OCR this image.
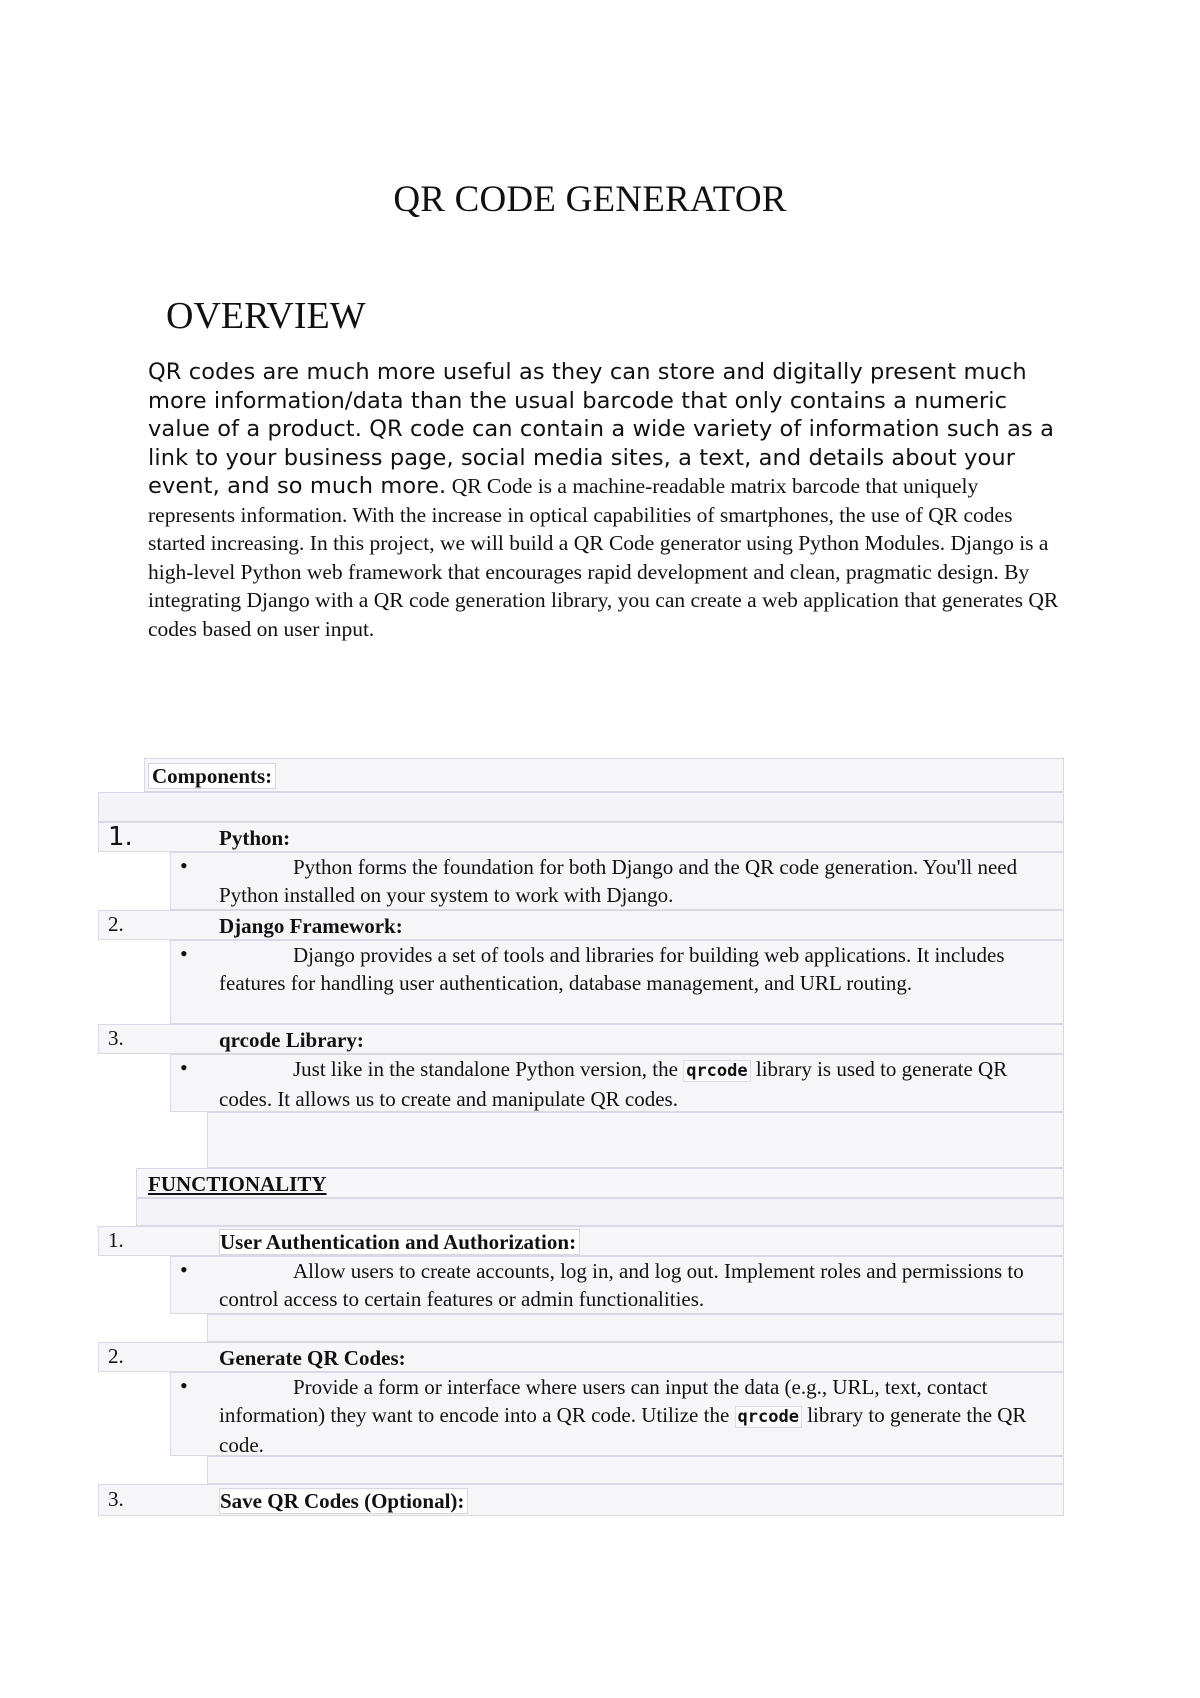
QR CODE GENERATOR
OVERVIEW
QR codes are much more useful as they can store and digitally present much more information/data than the usual barcode that only contains a numeric value of a product. QR code can contain a wide variety of information such as a link to your business page, social media sites, a text, and details about your event, and so much more. QR Code is a machine-readable matrix barcode that uniquely represents information. With the increase in optical capabilities of smartphones, the use of QR codes started increasing. In this project, we will build a QR Code generator using Python Modules. Django is a high-level Python web framework that encourages rapid development and clean, pragmatic design. By integrating Django with a QR code generation library, you can create a web application that generates QR codes based on user input.
Components:
1.	Python:
•	Python forms the foundation for both Django and the QR code generation. You'll need Python installed on your system to work with Django.
2.	Django Framework:
•	Django provides a set of tools and libraries for building web applications. It includes features for handling user authentication, database management, and URL routing.
3.	qrcode Library:
•	Just like in the standalone Python version, the qrcode library is used to generate QR codes. It allows us to create and manipulate QR codes.
FUNCTIONALITY
1.	User Authentication and Authorization:
•	Allow users to create accounts, log in, and log out. Implement roles and permissions to control access to certain features or admin functionalities.
2.	Generate QR Codes:
•	Provide a form or interface where users can input the data (e.g., URL, text, contact information) they want to encode into a QR code. Utilize the qrcode library to generate the QR code.
3.	Save QR Codes (Optional):
